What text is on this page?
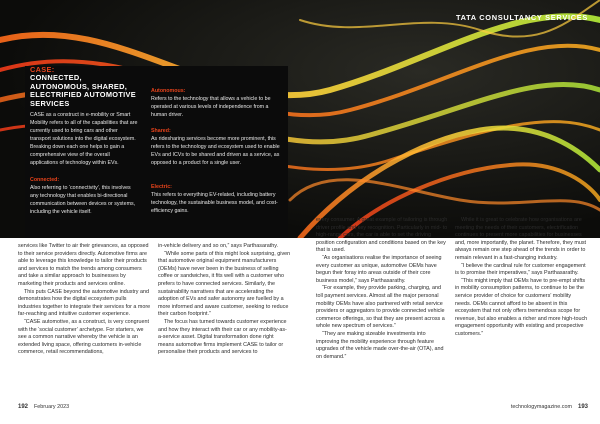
TATA CONSULTANCY SERVICES
CASE:
CONNECTED, AUTONOMOUS, SHARED, ELECTRIFIED AUTOMOTIVE SERVICES
CASE as a construct in e-mobility or Smart Mobility refers to all of the capabilities that are currently used to bring cars and other transport solutions into the digital ecosystem. Breaking down each one helps to gain a comprehensive view of the overall applications of technology within EVs.
Connected:
Also referring to ‘connectivity’, this involves any technology that enables bi-directional communication between devices or systems, including the vehicle itself.
Autonomous:
Refers to the technology that allows a vehicle to be operated at various levels of independence from a human driver.
Shared:
As ridesharing services become more prominent, this refers to the technology and ecosystem used to enable EVs and ICVs to be shared and driven as a service, as opposed to a product for a single user.
Electric:
This refers to everything EV-related, including battery technology, the sustainable business model, and cost-efficiency gains.

services like Twitter to air their grievances, as opposed to their service providers directly. Automotive firms are able to leverage this knowledge to tailor their products and services to match the trends among consumers and take a similar approach to businesses by marketing their products and services online.

This puts CASE beyond the automotive industry and demonstrates how the digital ecosystem pulls industries together to integrate their services for a more far-reaching and intuitive customer experience.

“CASE automotive, as a construct, is very congruent with the ‘social customer’ archetype. For starters, we see a common narrative whereby the vehicle is an extended living space, offering customers in-vehicle commerce, retail recommendations,

in-vehicle delivery and so on,” says Parthasarathy.

“While some parts of this might look surprising, given that automotive original equipment manufacturers (OEMs) have never been in the business of selling coffee or sandwiches, it fits well with a customer who prefers to have connected services. Similarly, the sustainability narratives that are accelerating the adoption of EVs and safer autonomy are fuelled by a more informed and aware customer, seeking to reduce their carbon footprint.”

The focus has turned towards customer experience and how they interact with their car or any mobility-as-a-service asset. Digital transformation done right means automotive firms implement CASE to tailor or personalise their products and services to

every consumer. A great example of tailoring is through driver profile and key recognition. Particularly in mid- to high-range cars, the car is able to set the driving position configuration and conditions based on the key that is used.

“As organisations realise the importance of seeing every customer as unique, automotive OEMs have begun their foray into areas outside of their core business model,” says Parthasarathy.

“For example, they provide parking, charging, and toll payment services. Almost all the major personal mobility OEMs have also partnered with retail service providers or aggregators to provide connected vehicle commerce offerings, so that they are present across a whole new spectrum of services.”

“They are making sizeable investments into improving the mobility experience through feature upgrades of the vehicle made over-the-air (OTA), and on demand.”

While it is great to celebrate how organisations are meeting the needs of their customers, electrification continues to present more capabilities for businesses and, more importantly, the planet. Therefore, they must always remain one step ahead of the trends in order to remain relevant in a fast-changing industry.

“I believe the cardinal rule for customer engagement is to promise their imperatives,” says Parthasarathy.

“This might imply that OEMs have to pre-empt shifts in mobility consumption patterns, to continue to be the service provider of choice for customers’ mobility needs. OEMs cannot afford to be absent in this ecosystem that not only offers tremendous scope for revenue, but also enables a richer and more high-touch engagement opportunity with existing and prospective customers.”

192 February 2023	technologymagazine.com 193
